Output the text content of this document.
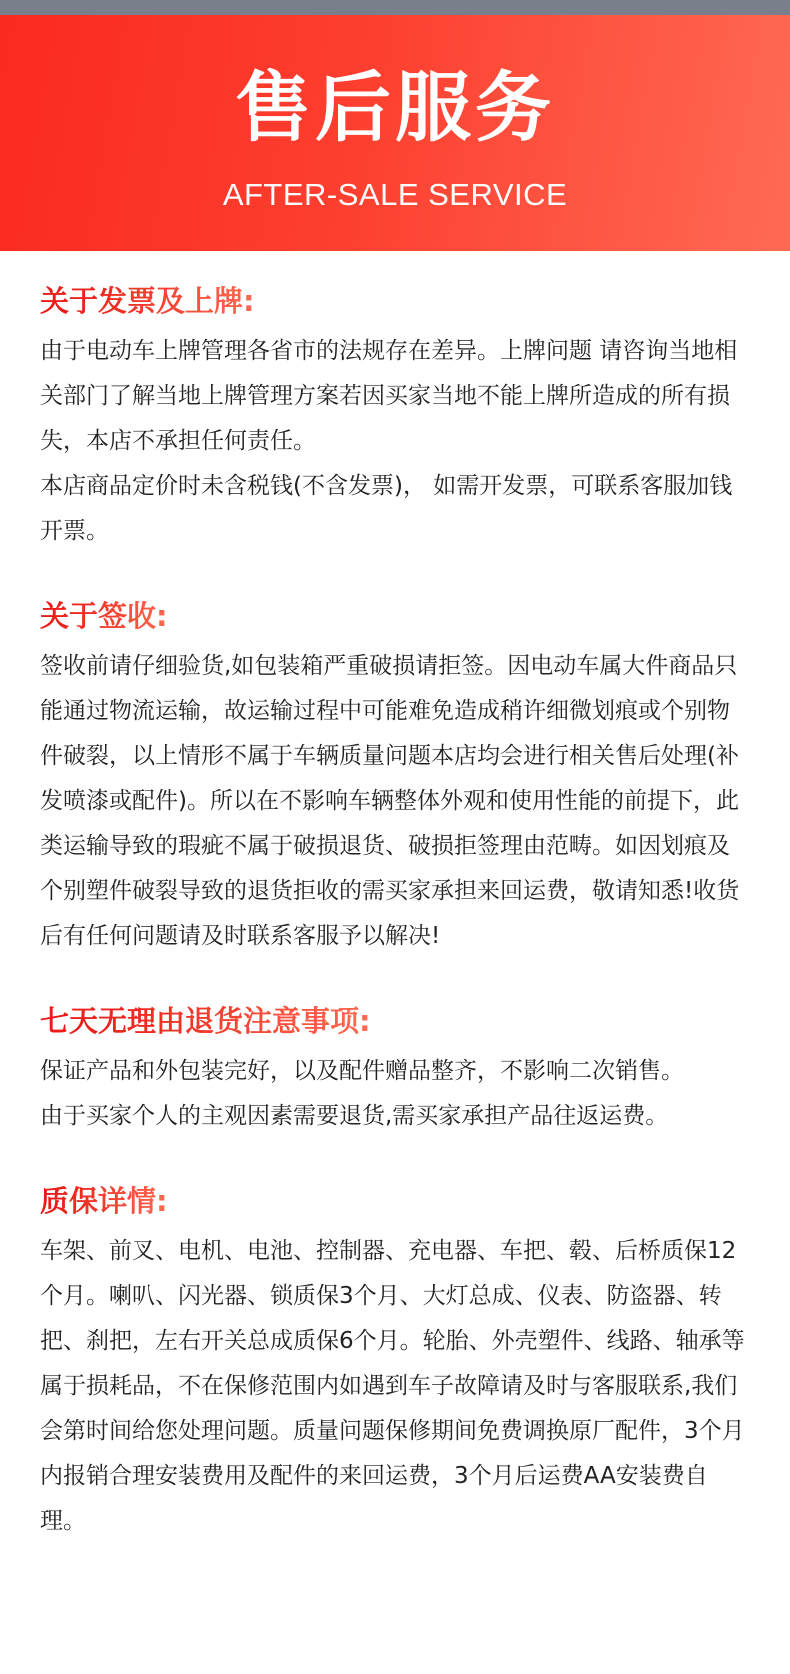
售后服务
AFTER-SALE SERVICE
关于发票及上牌:

由于电动车上牌管理各省市的法规存在差异。上牌问题 请咨询当地相关部门了解当地上牌管理方案若因买家当地不能上牌所造成的所有损失，本店不承担任何责任。

本店商品定价时未含税钱(不含发票)， 如需开发票，可联系客服加钱开票。

关于签收:

签收前请仔细验货,如包装箱严重破损请拒签。因电动车属大件商品只能通过物流运输，故运输过程中可能难免造成稍许细微划痕或个别物件破裂，以上情形不属于车辆质量问题本店均会进行相关售后处理(补 发喷漆或配件)。所以在不影响车辆整体外观和使用性能的前提下，此类运输导致的瑕疵不属于破损退货、破损拒签理由范畴。如因划痕及个别塑件破裂导致的退货拒收的需买家承担来回运费，敬请知悉!收货后有任何问题请及时联系客服予以解决!

七天无理由退货注意事项:

保证产品和外包装完好，以及配件赠品整齐，不影响二次销售。

由于买家个人的主观因素需要退货,需买家承担产品往返运费。

质保详情:

车架、前叉、电机、电池、控制器、充电器、车把、毂、后桥质保12个月。喇叭、闪光器、锁质保3个月、大灯总成、仪表、防盗器、转把、刹把，左右开关总成质保6个月。轮胎、外壳塑件、线路、轴承等属于损耗品，不在保修范围内如遇到车子故障请及时与客服联系,我们会第时间给您处理问题。质量问题保修期间免费调换原厂配件，3个月内报销合理安装费用及配件的来回运费，3个月后运费AA安装费自理。
